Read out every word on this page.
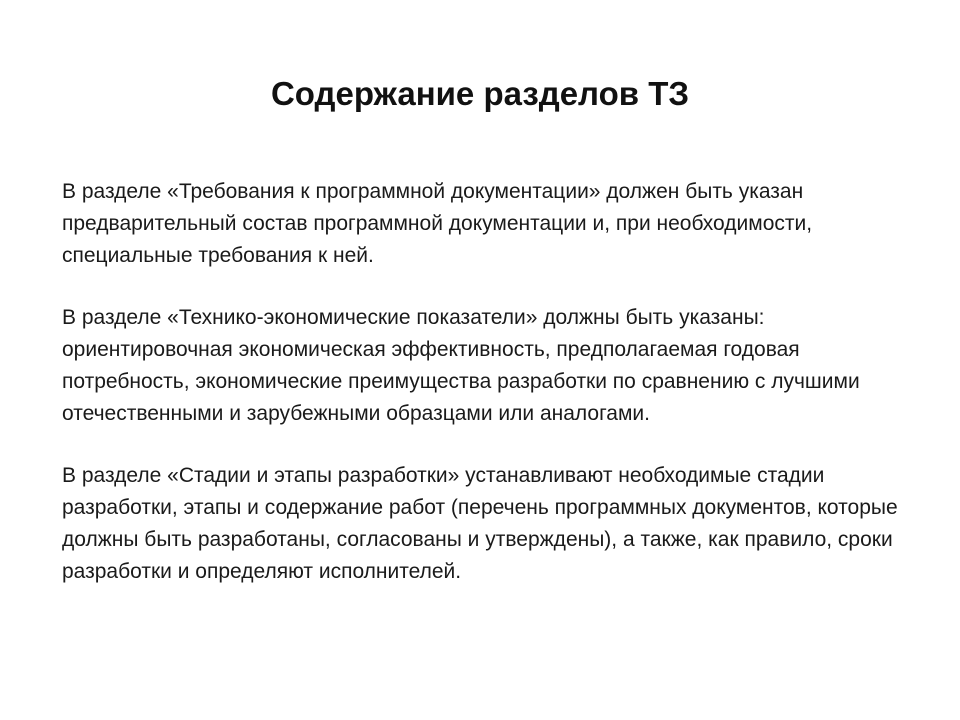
Содержание разделов ТЗ

В разделе «Требования к программной документации» должен быть указан предварительный состав программной документации и, при необходимости, специальные требования к ней.

В разделе «Технико-экономические показатели» должны быть указаны: ориентировочная экономическая эффективность, предполагаемая годовая потребность, экономические преимущества разработки по сравнению с лучшими отечественными и зарубежными образцами или аналогами.

В разделе «Стадии и этапы разработки» устанавливают необходимые стадии разработки, этапы и содержание работ (перечень программных документов, которые должны быть разработаны, согласованы и утверждены), а также, как правило, сроки разработки и определяют исполнителей.
